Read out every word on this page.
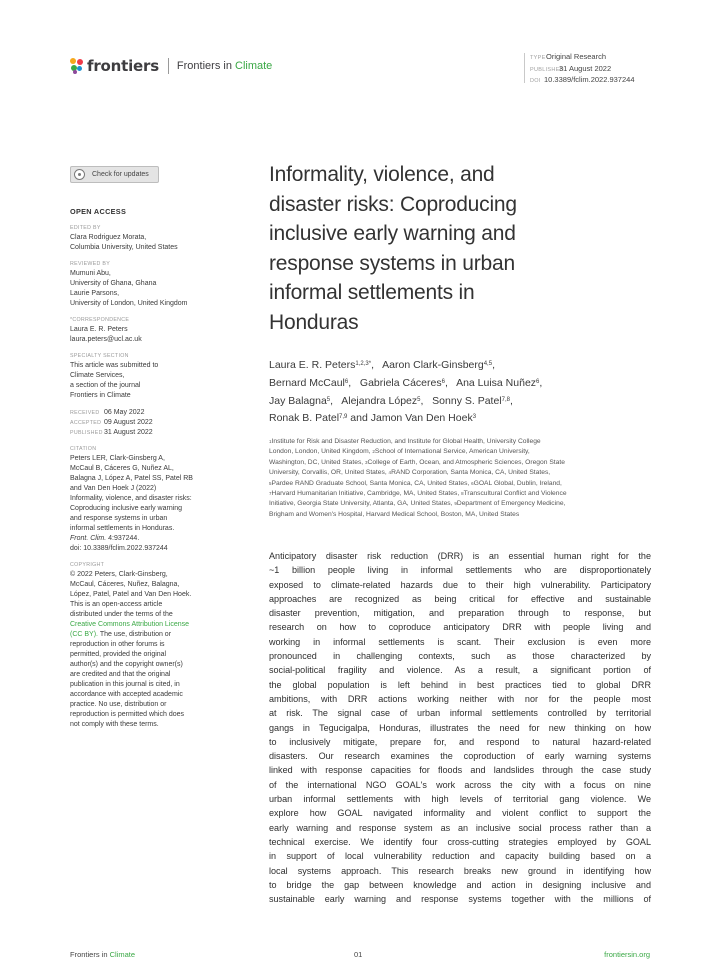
frontiers Frontiers in Climate
TYPEOriginal Research
PUBLISHED31 August 2022
DOI 10.3389/fclim.2022.937244
Check for updates
OPEN ACCESS
EDITED BY
Clara Rodriguez Morata,
Columbia University, United States
REVIEWED BY
Mumuni Abu,
University of Ghana, Ghana
Laurie Parsons,
University of London, United Kingdom
*CORRESPONDENCE
Laura E. R. Peters
laura.peters@ucl.ac.uk
SPECIALTY SECTION
This article was submitted to
Climate Services,
a section of the journal
Frontiers in Climate
RECEIVED 06 May 2022
ACCEPTED 09 August 2022
PUBLISHED31 August 2022
CITATION
Peters LER, Clark-Ginsberg A,
McCaul B, Cáceres G, Nuñez AL,
Balagna J, López A, Patel SS, Patel RB
and Van Den Hoek J (2022)
Informality, violence, and disaster risks:
Coproducing inclusive early warning
and response systems in urban
informal settlements in Honduras.
Front. Clim. 4:937244.
doi: 10.3389/fclim.2022.937244
COPYRIGHT
© 2022 Peters, Clark-Ginsberg,
McCaul, Cáceres, Nuñez, Balagna,
López, Patel, Patel and Van Den Hoek.
This is an open-access article
distributed under the terms of the
Creative Commons Attribution License
(CC BY). The use, distribution or
reproduction in other forums is
permitted, provided the original
author(s) and the copyright owner(s)
are credited and that the original
publication in this journal is cited, in
accordance with accepted academic
practice. No use, distribution or
reproduction is permitted which does
not comply with these terms.
Informality, violence, and
disaster risks: Coproducing
inclusive early warning and
response systems in urban
informal settlements in
Honduras
Laura E. R. Peters$^{1,2,3*}$,   Aaron Clark-Ginsberg$^{4,5}$,
Bernard McCaul$^6$,   Gabriela Cáceres$^6$,   Ana Luisa Nuñez$^6$,
Jay Balagna$^5$,   Alejandra López$^5$,   Sonny S. Patel$^{7,8}$,
Ronak B. Patel$^{7,9}$ and Jamon Van Den Hoek$^3$
$^1$Institute for Risk and Disaster Reduction, and Institute for Global Health, University College
London, London, United Kingdom, $^2$School of International Service, American University,
Washington, DC, United States, $^3$College of Earth, Ocean, and Atmospheric Sciences, Oregon State
University, Corvallis, OR, United States, $^4$RAND Corporation, Santa Monica, CA, United States,
$^5$Pardee RAND Graduate School, Santa Monica, CA, United States, $^6$GOAL Global, Dublin, Ireland,
$^7$Harvard Humanitarian Initiative, Cambridge, MA, United States, $^8$Transcultural Conflict and Violence
Initiative, Georgia State University, Atlanta, GA, United States, $^9$Department of Emergency Medicine,
Brigham and Women's Hospital, Harvard Medical School, Boston, MA, United States
Anticipatory disaster risk reduction (DRR) is an essential human right for the
~1 billion people living in informal settlements who are disproportionately
exposed to climate-related hazards due to their high vulnerability. Participatory
approaches are recognized as being critical for effective and sustainable
disaster prevention, mitigation, and preparation through to response, but
research on how to coproduce anticipatory DRR with people living and
working in informal settlements is scant. Their exclusion is even more
pronounced in challenging contexts, such as those characterized by
social-political fragility and violence. As a result, a significant portion of
the global population is left behind in best practices tied to global DRR
ambitions, with DRR actions working neither with nor for the people most
at risk. The signal case of urban informal settlements controlled by territorial
gangs in Tegucigalpa, Honduras, illustrates the need for new thinking on how
to inclusively mitigate, prepare for, and respond to natural hazard-related
disasters. Our research examines the coproduction of early warning systems
linked with response capacities for floods and landslides through the case study
of the international NGO GOAL's work across the city with a focus on nine
urban informal settlements with high levels of territorial gang violence. We
explore how GOAL navigated informality and violent conflict to support the
early warning and response system as an inclusive social process rather than a
technical exercise. We identify four cross-cutting strategies employed by GOAL
in support of local vulnerability reduction and capacity building based on a
local systems approach. This research breaks new ground in identifying how
to bridge the gap between knowledge and action in designing inclusive and
sustainable early warning and response systems together with the millions of
Frontiers in Climate	01	frontiersin.org
